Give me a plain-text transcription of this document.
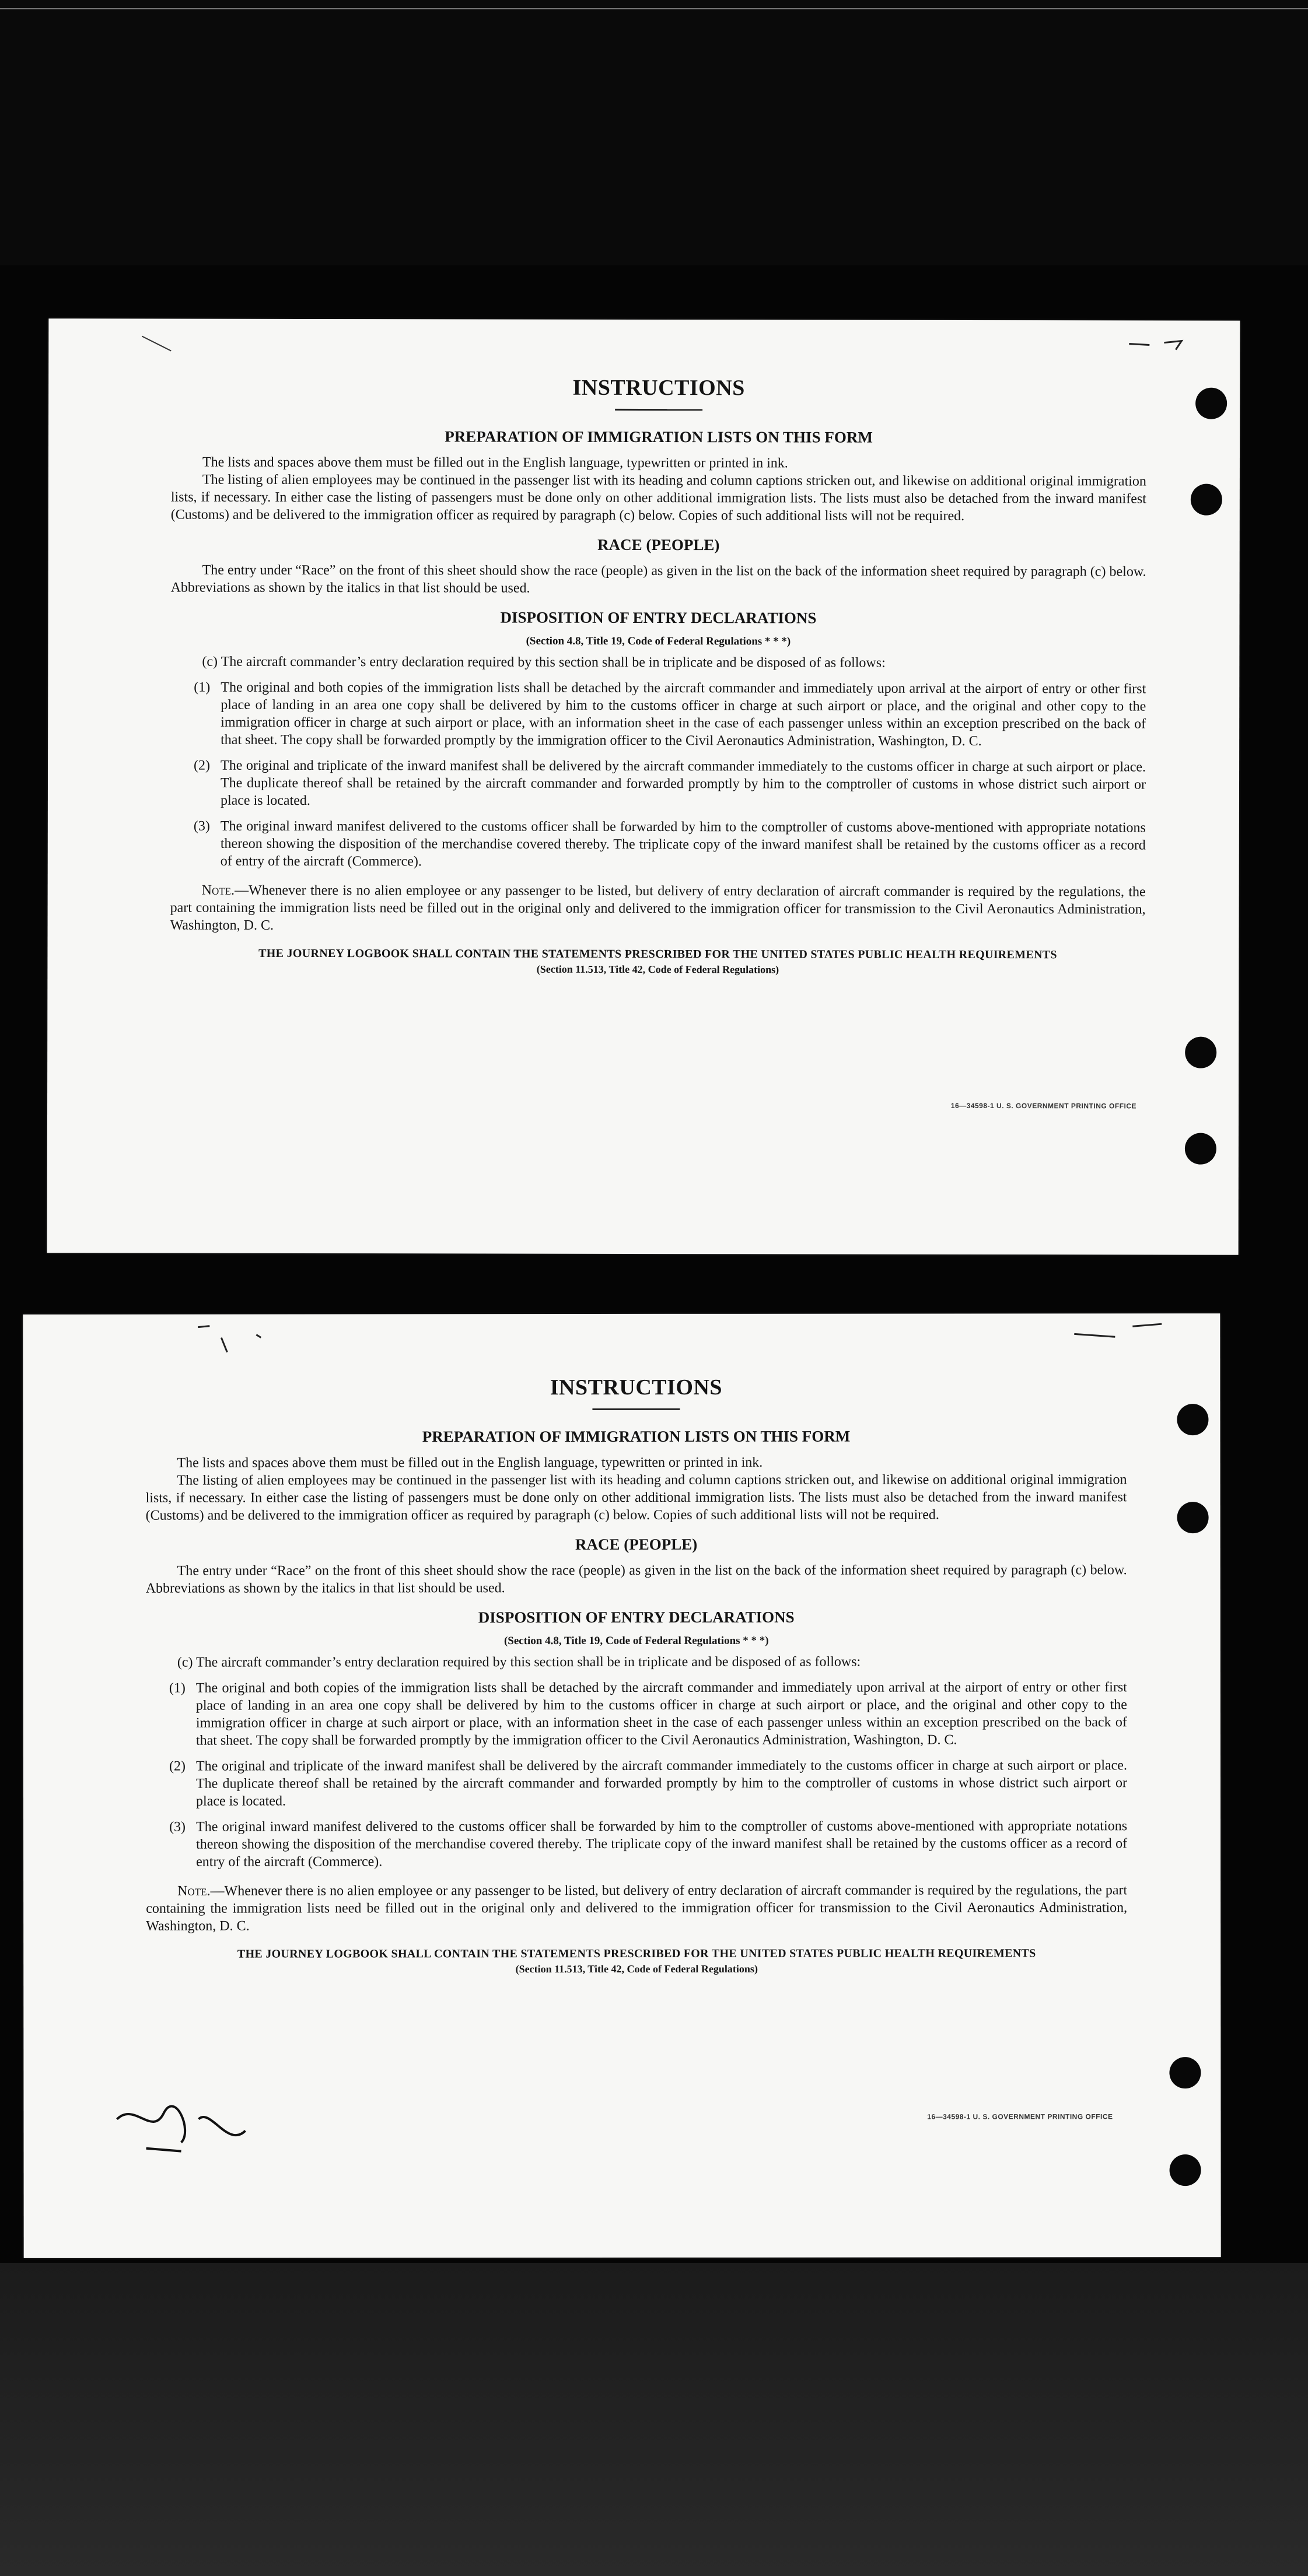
INSTRUCTIONS
PREPARATION OF IMMIGRATION LISTS ON THIS FORM

The lists and spaces above them must be filled out in the English language, typewritten or printed in ink.

The listing of alien employees may be continued in the passenger list with its heading and column captions stricken out, and likewise on additional original immigration lists, if necessary. In either case the listing of passengers must be done only on other additional immigration lists. The lists must also be detached from the inward manifest (Customs) and be delivered to the immigration officer as required by paragraph (c) below. Copies of such additional lists will not be required.

RACE (PEOPLE)

The entry under “Race” on the front of this sheet should show the race (people) as given in the list on the back of the information sheet required by paragraph (c) below. Abbreviations as shown by the italics in that list should be used.

DISPOSITION OF ENTRY DECLARATIONS
(Section 4.8, Title 19, Code of Federal Regulations * * *)

(c) The aircraft commander’s entry declaration required by this section shall be in triplicate and be disposed of as follows:

(1) The original and both copies of the immigration lists shall be detached by the aircraft commander and immediately upon arrival at the airport of entry or other first place of landing in an area one copy shall be delivered by him to the customs officer in charge at such airport or place, and the original and other copy to the immigration officer in charge at such airport or place, with an information sheet in the case of each passenger unless within an exception prescribed on the back of that sheet. The copy shall be forwarded promptly by the immigration officer to the Civil Aeronautics Administration, Washington, D. C.
(2) The original and triplicate of the inward manifest shall be delivered by the aircraft commander immediately to the customs officer in charge at such airport or place. The duplicate thereof shall be retained by the aircraft commander and forwarded promptly by him to the comptroller of customs in whose district such airport or place is located.
(3) The original inward manifest delivered to the customs officer shall be forwarded by him to the comptroller of customs above-mentioned with appropriate notations thereon showing the disposition of the merchandise covered thereby. The triplicate copy of the inward manifest shall be retained by the customs officer as a record of entry of the aircraft (Commerce).

Note.—Whenever there is no alien employee or any passenger to be listed, but delivery of entry declaration of aircraft commander is required by the regulations, the part containing the immigration lists need be filled out in the original only and delivered to the immigration officer for transmission to the Civil Aeronautics Administration, Washington, D. C.

THE JOURNEY LOGBOOK SHALL CONTAIN THE STATEMENTS PRESCRIBED FOR THE UNITED STATES PUBLIC HEALTH REQUIREMENTS
(Section 11.513, Title 42, Code of Federal Regulations)
16—34598-1 U. S. GOVERNMENT PRINTING OFFICE
INSTRUCTIONS
PREPARATION OF IMMIGRATION LISTS ON THIS FORM

The lists and spaces above them must be filled out in the English language, typewritten or printed in ink.

The listing of alien employees may be continued in the passenger list with its heading and column captions stricken out, and likewise on additional original immigration lists, if necessary. In either case the listing of passengers must be done only on other additional immigration lists. The lists must also be detached from the inward manifest (Customs) and be delivered to the immigration officer as required by paragraph (c) below. Copies of such additional lists will not be required.

RACE (PEOPLE)

The entry under “Race” on the front of this sheet should show the race (people) as given in the list on the back of the information sheet required by paragraph (c) below. Abbreviations as shown by the italics in that list should be used.

DISPOSITION OF ENTRY DECLARATIONS
(Section 4.8, Title 19, Code of Federal Regulations * * *)

(c) The aircraft commander’s entry declaration required by this section shall be in triplicate and be disposed of as follows:

(1) The original and both copies of the immigration lists shall be detached by the aircraft commander and immediately upon arrival at the airport of entry or other first place of landing in an area one copy shall be delivered by him to the customs officer in charge at such airport or place, and the original and other copy to the immigration officer in charge at such airport or place, with an information sheet in the case of each passenger unless within an exception prescribed on the back of that sheet. The copy shall be forwarded promptly by the immigration officer to the Civil Aeronautics Administration, Washington, D. C.
(2) The original and triplicate of the inward manifest shall be delivered by the aircraft commander immediately to the customs officer in charge at such airport or place. The duplicate thereof shall be retained by the aircraft commander and forwarded promptly by him to the comptroller of customs in whose district such airport or place is located.
(3) The original inward manifest delivered to the customs officer shall be forwarded by him to the comptroller of customs above-mentioned with appropriate notations thereon showing the disposition of the merchandise covered thereby. The triplicate copy of the inward manifest shall be retained by the customs officer as a record of entry of the aircraft (Commerce).

Note.—Whenever there is no alien employee or any passenger to be listed, but delivery of entry declaration of aircraft commander is required by the regulations, the part containing the immigration lists need be filled out in the original only and delivered to the immigration officer for transmission to the Civil Aeronautics Administration, Washington, D. C.

THE JOURNEY LOGBOOK SHALL CONTAIN THE STATEMENTS PRESCRIBED FOR THE UNITED STATES PUBLIC HEALTH REQUIREMENTS
(Section 11.513, Title 42, Code of Federal Regulations)
16—34598-1 U. S. GOVERNMENT PRINTING OFFICE
